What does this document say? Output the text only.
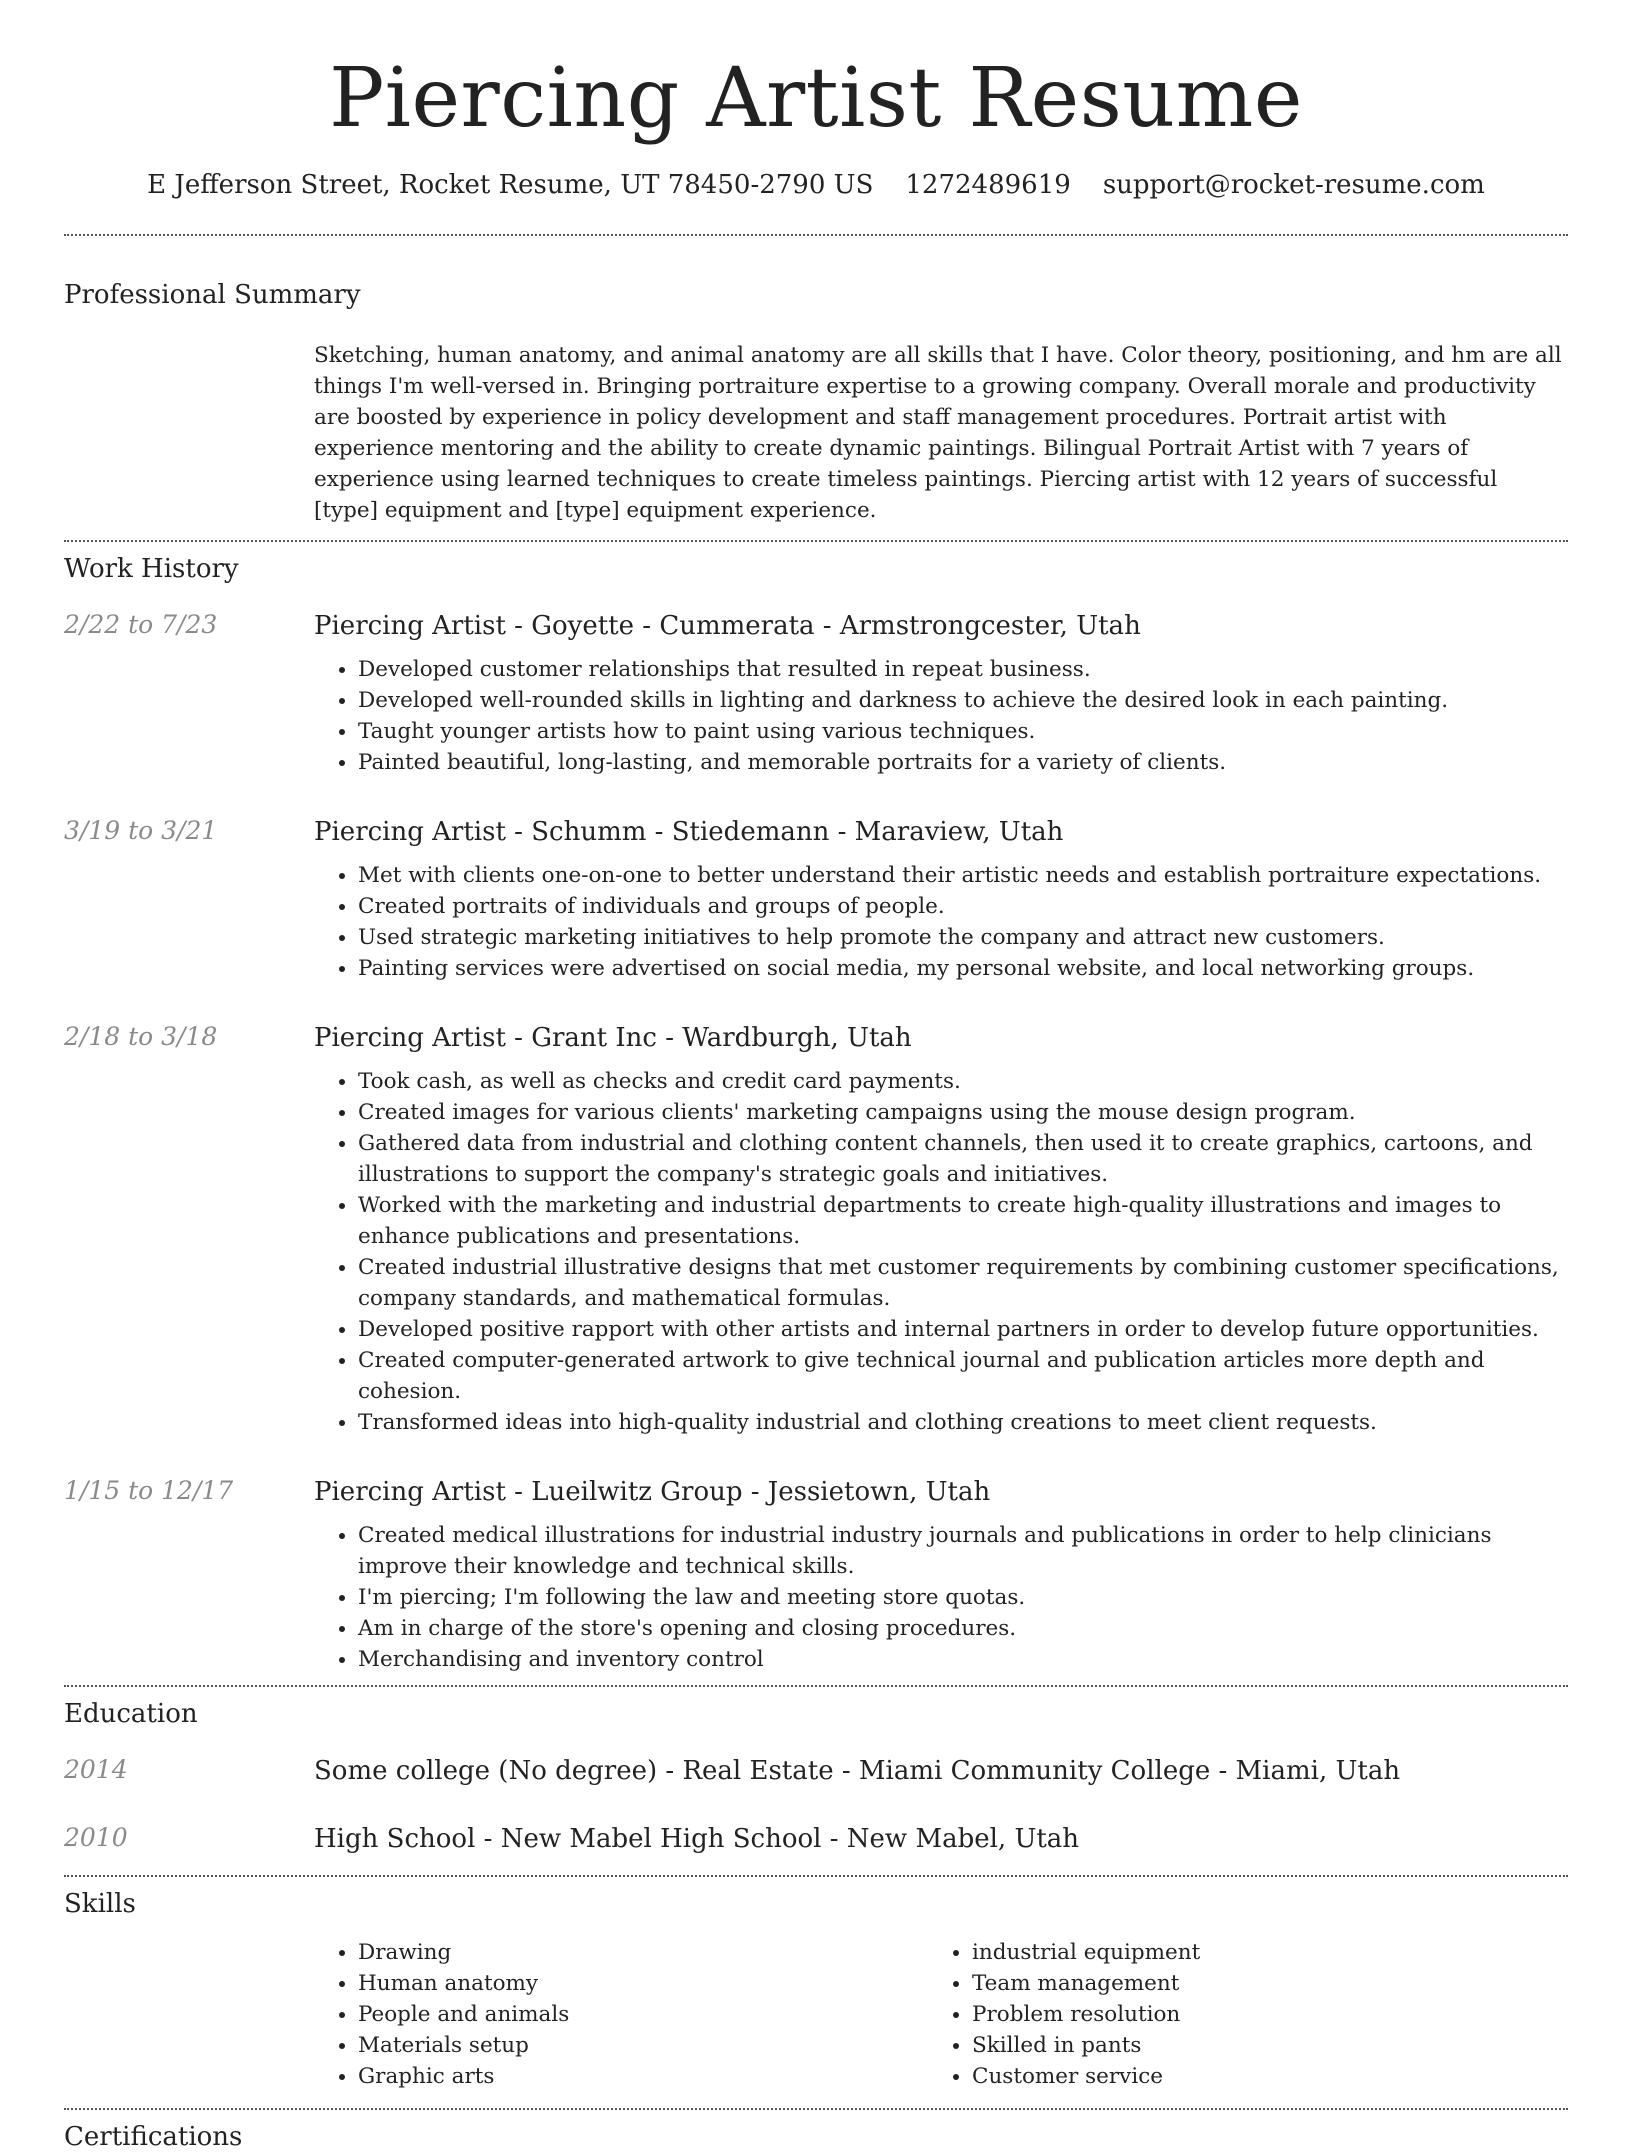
Piercing Artist Resume
E Jefferson Street, Rocket Resume, UT 78450-2790 US 1272489619 support@rocket-resume.com
Professional Summary

Sketching, human anatomy, and animal anatomy are all skills that I have. Color theory, positioning, and hm are all things I'm well-versed in. Bringing portraiture expertise to a growing company. Overall morale and productivity are boosted by experience in policy development and staff management procedures. Portrait artist with experience mentoring and the ability to create dynamic paintings. Bilingual Portrait Artist with 7 years of experience using learned techniques to create timeless paintings. Piercing artist with 12 years of successful [type] equipment and [type] equipment experience.

Work History
2/22 to 7/23	Piercing Artist - Goyette - Cummerata - Armstrongcester, Utah
• Developed customer relationships that resulted in repeat business.
• Developed well-rounded skills in lighting and darkness to achieve the desired look in each painting.
• Taught younger artists how to paint using various techniques.
• Painted beautiful, long-lasting, and memorable portraits for a variety of clients.
3/19 to 3/21	Piercing Artist - Schumm - Stiedemann - Maraview, Utah
• Met with clients one-on-one to better understand their artistic needs and establish portraiture expectations.
• Created portraits of individuals and groups of people.
• Used strategic marketing initiatives to help promote the company and attract new customers.
• Painting services were advertised on social media, my personal website, and local networking groups.
2/18 to 3/18	Piercing Artist - Grant Inc - Wardburgh, Utah
• Took cash, as well as checks and credit card payments.
• Created images for various clients' marketing campaigns using the mouse design program.
• Gathered data from industrial and clothing content channels, then used it to create graphics, cartoons, and illustrations to support the company's strategic goals and initiatives.
• Worked with the marketing and industrial departments to create high-quality illustrations and images to enhance publications and presentations.
• Created industrial illustrative designs that met customer requirements by combining customer specifications, company standards, and mathematical formulas.
• Developed positive rapport with other artists and internal partners in order to develop future opportunities.
• Created computer-generated artwork to give technical journal and publication articles more depth and cohesion.
• Transformed ideas into high-quality industrial and clothing creations to meet client requests.
1/15 to 12/17	Piercing Artist - Lueilwitz Group - Jessietown, Utah
• Created medical illustrations for industrial industry journals and publications in order to help clinicians improve their knowledge and technical skills.
• I'm piercing; I'm following the law and meeting store quotas.
• Am in charge of the store's opening and closing procedures.
• Merchandising and inventory control
Education
2014	Some college (No degree) - Real Estate - Miami Community College - Miami, Utah
2010	High School - New Mabel High School - New Mabel, Utah
Skills
• Drawing
• Human anatomy
• People and animals
• Materials setup
• Graphic arts
• industrial equipment
• Team management
• Problem resolution
• Skilled in pants
• Customer service
Certifications
